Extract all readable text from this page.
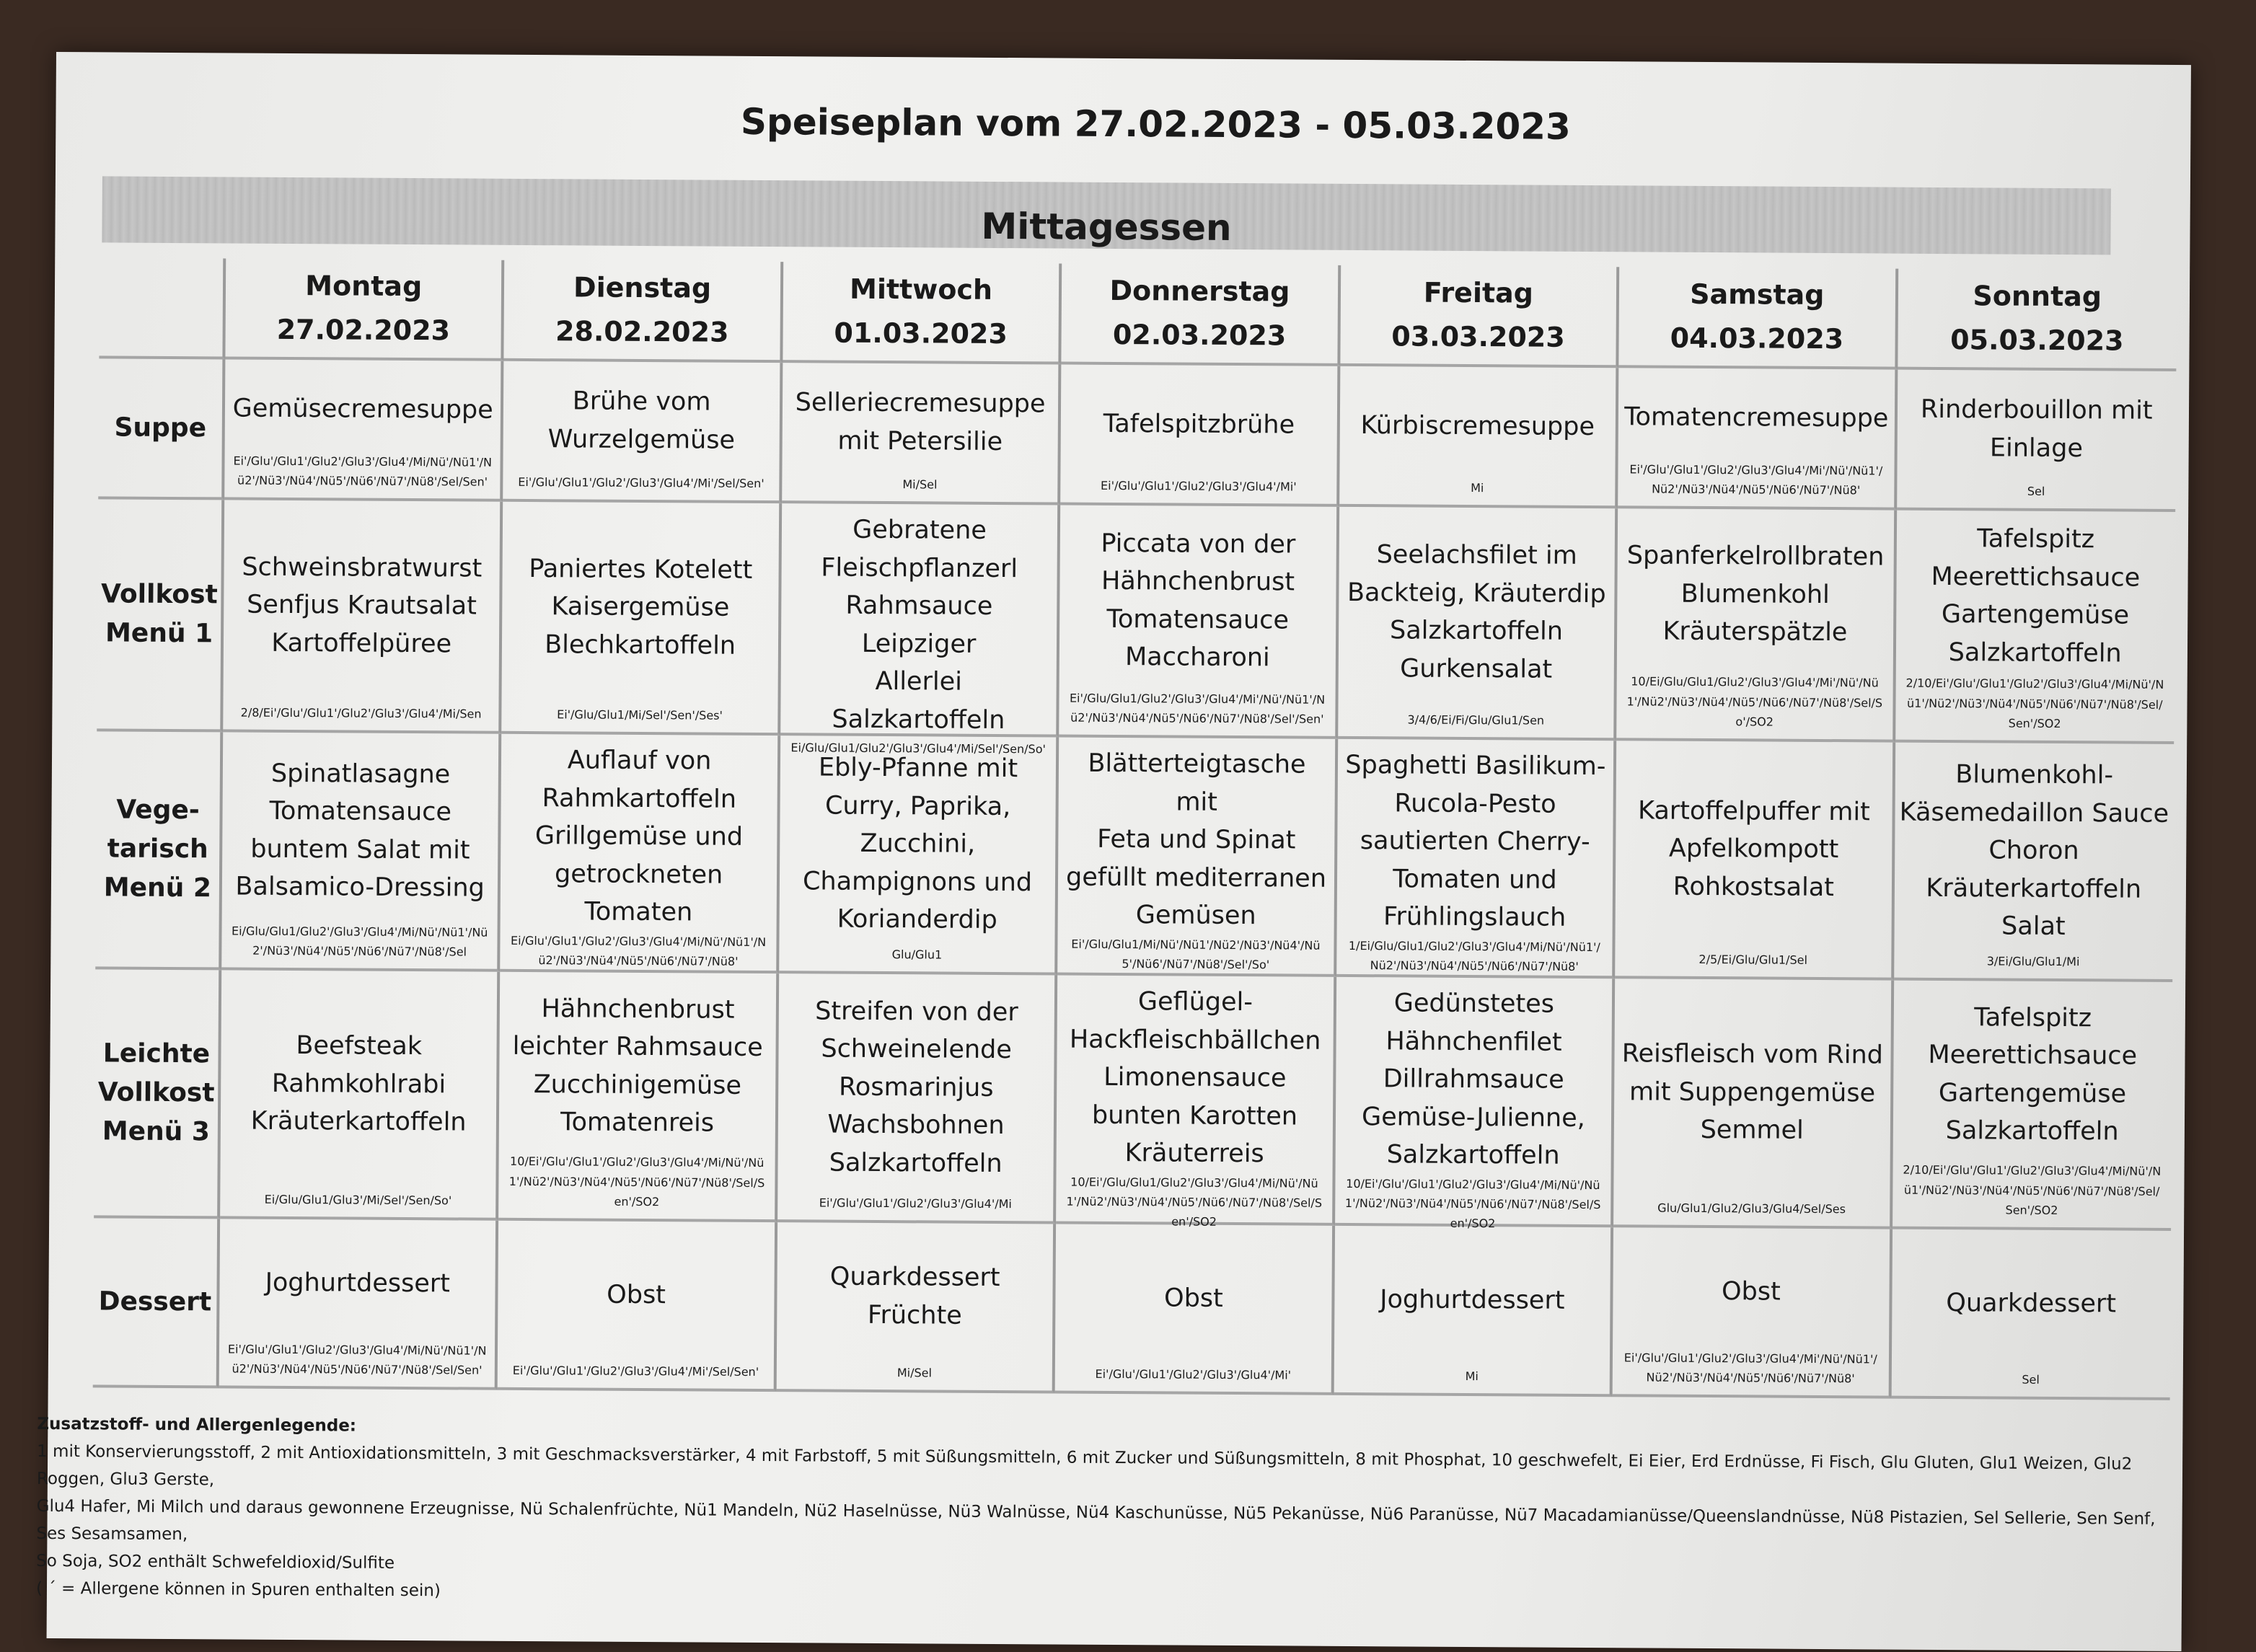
Speiseplan vom 27.02.2023 - 05.03.2023
Mittagessen
Montag
27.02.2023
Dienstag
28.02.2023
Mittwoch
01.03.2023
Donnerstag
02.03.2023
Freitag
03.03.2023
Samstag
04.03.2023
Sonntag
05.03.2023
Suppe
Gemüsecremesuppe
Ei'/Glu'/Glu1'/Glu2'/Glu3'/Glu4'/Mi/Nü'/Nü1'/Nü2'/Nü3'/Nü4'/Nü5'/Nü6'/Nü7'/Nü8'/Sel/Sen'
Brühe vom
Wurzelgemüse
Ei'/Glu'/Glu1'/Glu2'/Glu3'/Glu4'/Mi'/Sel/Sen'
Selleriecremesuppe
mit Petersilie
Mi/Sel
Tafelspitzbrühe
Ei'/Glu'/Glu1'/Glu2'/Glu3'/Glu4'/Mi'
Kürbiscremesuppe
Mi
Tomatencremesuppe
Ei'/Glu'/Glu1'/Glu2'/Glu3'/Glu4'/Mi'/Nü'/Nü1'/Nü2'/Nü3'/Nü4'/Nü5'/Nü6'/Nü7'/Nü8'
Rinderbouillon mit
Einlage
Sel
Vollkost
Menü 1
Schweinsbratwurst
Senfjus Krautsalat
Kartoffelpüree
2/8/Ei'/Glu'/Glu1'/Glu2'/Glu3'/Glu4'/Mi/Sen
Paniertes Kotelett
Kaisergemüse
Blechkartoffeln
Ei'/Glu/Glu1/Mi/Sel'/Sen'/Ses'
Gebratene
Fleischpflanzerl
Rahmsauce Leipziger
Allerlei Salzkartoffeln
Ei/Glu/Glu1/Glu2'/Glu3'/Glu4'/Mi/Sel'/Sen/So'
Piccata von der
Hähnchenbrust
Tomatensauce
Maccharoni
Ei'/Glu/Glu1/Glu2'/Glu3'/Glu4'/Mi'/Nü'/Nü1'/Nü2'/Nü3'/Nü4'/Nü5'/Nü6'/Nü7'/Nü8'/Sel'/Sen'
Seelachsfilet im
Backteig, Kräuterdip
Salzkartoffeln
Gurkensalat
3/4/6/Ei/Fi/Glu/Glu1/Sen
Spanferkelrollbraten
Blumenkohl
Kräuterspätzle
10/Ei/Glu/Glu1/Glu2'/Glu3'/Glu4'/Mi'/Nü'/Nü1'/Nü2'/Nü3'/Nü4'/Nü5'/Nü6'/Nü7'/Nü8'/Sel/So'/SO2
Tafelspitz
Meerettichsauce
Gartengemüse
Salzkartoffeln
2/10/Ei'/Glu'/Glu1'/Glu2'/Glu3'/Glu4'/Mi/Nü'/Nü1'/Nü2'/Nü3'/Nü4'/Nü5'/Nü6'/Nü7'/Nü8'/Sel/Sen'/SO2
Vege-
tarisch
Menü 2
Spinatlasagne
Tomatensauce
buntem Salat mit
Balsamico-Dressing
Ei/Glu/Glu1/Glu2'/Glu3'/Glu4'/Mi/Nü'/Nü1'/Nü2'/Nü3'/Nü4'/Nü5'/Nü6'/Nü7'/Nü8'/Sel
Auflauf von
Rahmkartoffeln
Grillgemüse und
getrockneten
Tomaten
Ei/Glu'/Glu1'/Glu2'/Glu3'/Glu4'/Mi/Nü'/Nü1'/Nü2'/Nü3'/Nü4'/Nü5'/Nü6'/Nü7'/Nü8'
Ebly-Pfanne mit
Curry, Paprika,
Zucchini,
Champignons und
Korianderdip
Glu/Glu1
Blätterteigtasche mit
Feta und Spinat
gefüllt mediterranen
Gemüsen
Ei'/Glu/Glu1/Mi/Nü'/Nü1'/Nü2'/Nü3'/Nü4'/Nü5'/Nü6'/Nü7'/Nü8'/Sel'/So'
Spaghetti Basilikum-
Rucola-Pesto
sautierten Cherry-
Tomaten und
Frühlingslauch
1/Ei/Glu/Glu1/Glu2'/Glu3'/Glu4'/Mi/Nü'/Nü1'/Nü2'/Nü3'/Nü4'/Nü5'/Nü6'/Nü7'/Nü8'
Kartoffelpuffer mit
Apfelkompott
Rohkostsalat
2/5/Ei/Glu/Glu1/Sel
Blumenkohl-
Käsemedaillon Sauce
Choron
Kräuterkartoffeln
Salat
3/Ei/Glu/Glu1/Mi
Leichte
Vollkost
Menü 3
Beefsteak
Rahmkohlrabi
Kräuterkartoffeln
Ei/Glu/Glu1/Glu3'/Mi/Sel'/Sen/So'
Hähnchenbrust
leichter Rahmsauce
Zucchinigemüse
Tomatenreis
10/Ei'/Glu'/Glu1'/Glu2'/Glu3'/Glu4'/Mi/Nü'/Nü1'/Nü2'/Nü3'/Nü4'/Nü5'/Nü6'/Nü7'/Nü8'/Sel/Sen'/SO2
Streifen von der
Schweinelende
Rosmarinjus
Wachsbohnen
Salzkartoffeln
Ei'/Glu'/Glu1'/Glu2'/Glu3'/Glu4'/Mi
Geflügel-
Hackfleischbällchen
Limonensauce
bunten Karotten
Kräuterreis
10/Ei'/Glu/Glu1/Glu2'/Glu3'/Glu4'/Mi/Nü'/Nü1'/Nü2'/Nü3'/Nü4'/Nü5'/Nü6'/Nü7'/Nü8'/Sel/Sen'/SO2
Gedünstetes
Hähnchenfilet
Dillrahmsauce
Gemüse-Julienne,
Salzkartoffeln
10/Ei'/Glu'/Glu1'/Glu2'/Glu3'/Glu4'/Mi/Nü'/Nü1'/Nü2'/Nü3'/Nü4'/Nü5'/Nü6'/Nü7'/Nü8'/Sel/Sen'/SO2
Reisfleisch vom Rind
mit Suppengemüse
Semmel
Glu/Glu1/Glu2/Glu3/Glu4/Sel/Ses
Tafelspitz
Meerettichsauce
Gartengemüse
Salzkartoffeln
2/10/Ei'/Glu'/Glu1'/Glu2'/Glu3'/Glu4'/Mi/Nü'/Nü1'/Nü2'/Nü3'/Nü4'/Nü5'/Nü6'/Nü7'/Nü8'/Sel/Sen'/SO2
Dessert
Joghurtdessert
Ei'/Glu'/Glu1'/Glu2'/Glu3'/Glu4'/Mi/Nü'/Nü1'/Nü2'/Nü3'/Nü4'/Nü5'/Nü6'/Nü7'/Nü8'/Sel/Sen'
Obst
Ei'/Glu'/Glu1'/Glu2'/Glu3'/Glu4'/Mi'/Sel/Sen'
Quarkdessert
Früchte
Mi/Sel
Obst
Ei'/Glu'/Glu1'/Glu2'/Glu3'/Glu4'/Mi'
Joghurtdessert
Mi
Obst
Ei'/Glu'/Glu1'/Glu2'/Glu3'/Glu4'/Mi'/Nü'/Nü1'/Nü2'/Nü3'/Nü4'/Nü5'/Nü6'/Nü7'/Nü8'
Quarkdessert
Sel
Zusatzstoff- und Allergenlegende:
1 mit Konservierungsstoff, 2 mit Antioxidationsmitteln, 3 mit Geschmacksverstärker, 4 mit Farbstoff, 5 mit Süßungsmitteln, 6 mit Zucker und Süßungsmitteln, 8 mit Phosphat, 10 geschwefelt, Ei Eier, Erd Erdnüsse, Fi Fisch, Glu Gluten, Glu1 Weizen, Glu2 Roggen, Glu3 Gerste,
Glu4 Hafer, Mi Milch und daraus gewonnene Erzeugnisse, Nü Schalenfrüchte, Nü1 Mandeln, Nü2 Haselnüsse, Nü3 Walnüsse, Nü4 Kaschunüsse, Nü5 Pekanüsse, Nü6 Paranüsse, Nü7 Macadamianüsse/Queenslandnüsse, Nü8 Pistazien, Sel Sellerie, Sen Senf, Ses Sesamsamen,
So Soja, SO2 enthält Schwefeldioxid/Sulfite
( ´ = Allergene können in Spuren enthalten sein)
